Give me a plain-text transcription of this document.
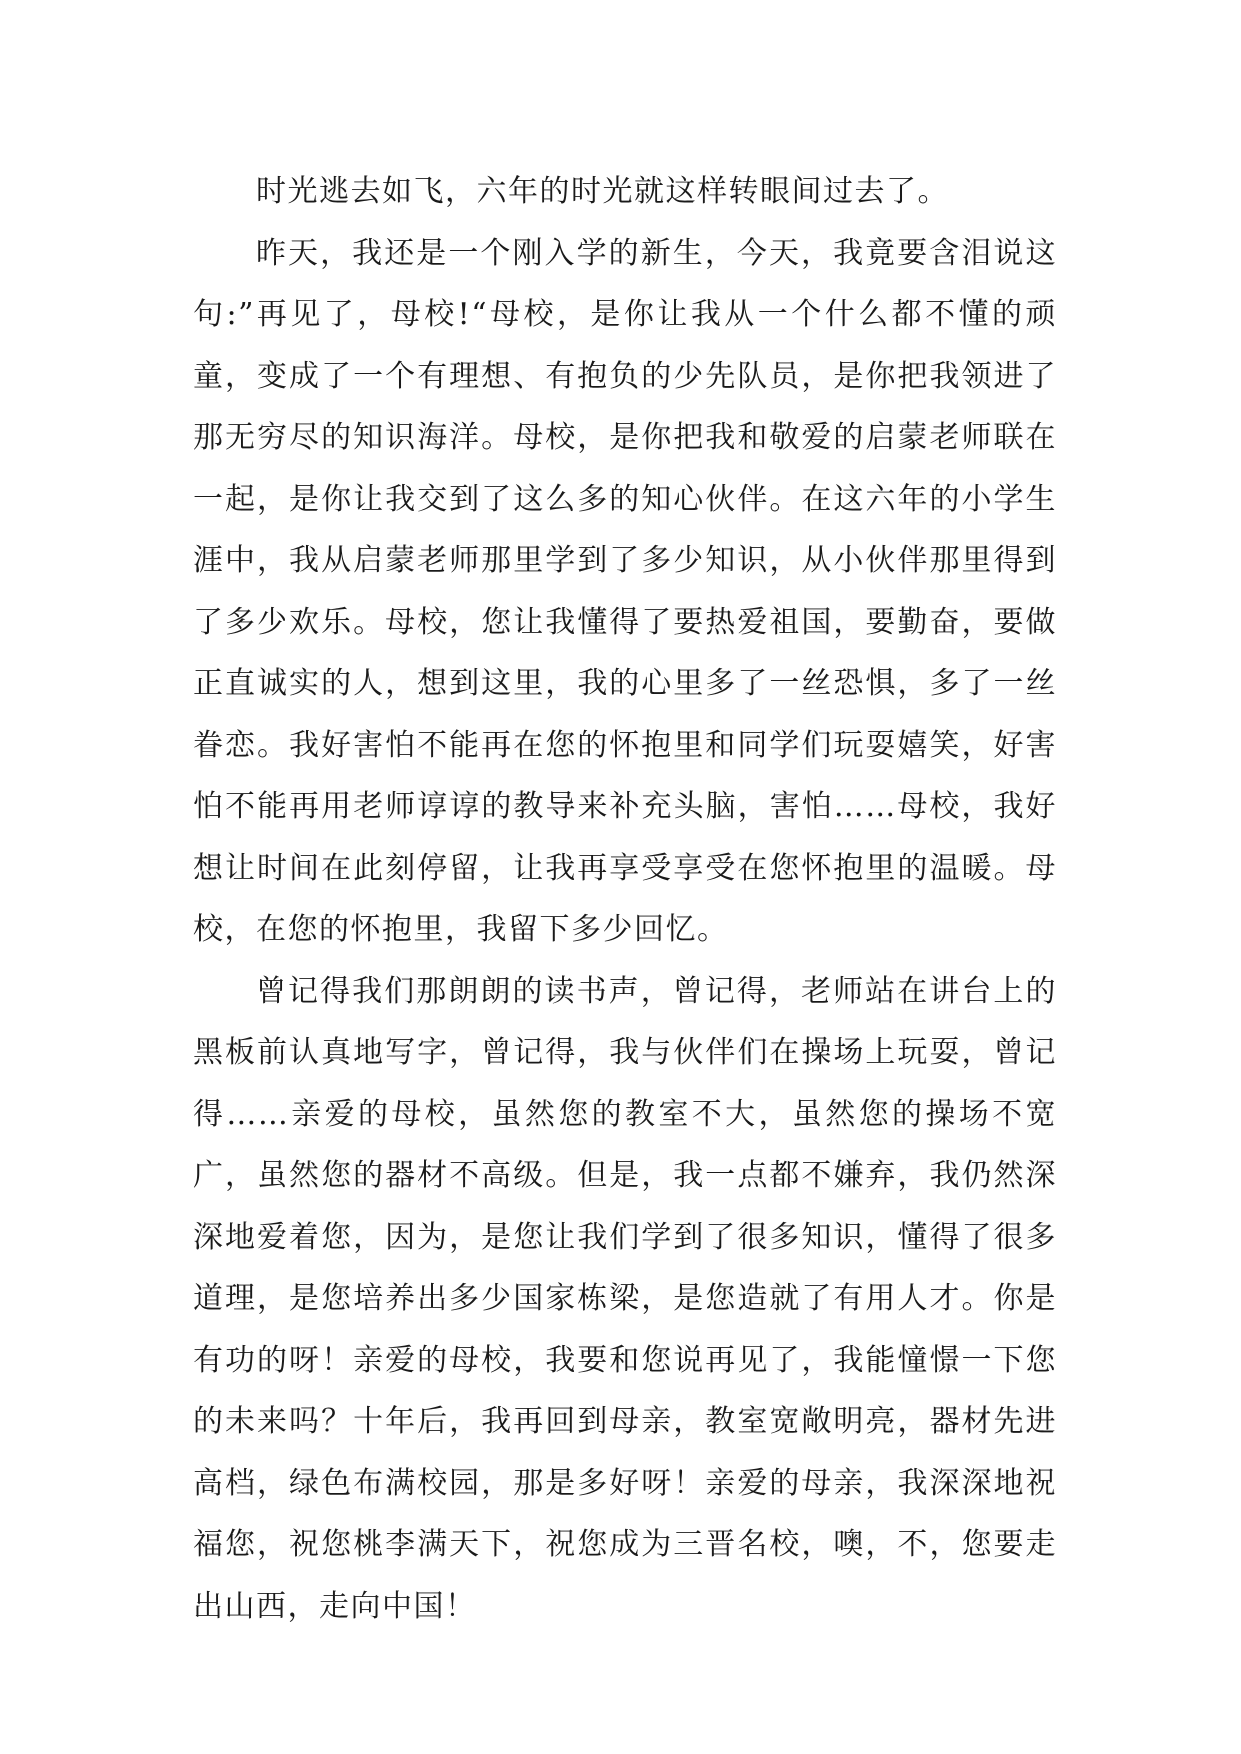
时光逃去如飞，六年的时光就这样转眼间过去了。

昨天，我还是一个刚入学的新生，今天，我竟要含泪说这句:”再见了，母校!“母校，是你让我从一个什么都不懂的顽童，变成了一个有理想、有抱负的少先队员，是你把我领进了那无穷尽的知识海洋。母校，是你把我和敬爱的启蒙老师联在一起，是你让我交到了这么多的知心伙伴。在这六年的小学生涯中，我从启蒙老师那里学到了多少知识，从小伙伴那里得到了多少欢乐。母校，您让我懂得了要热爱祖国，要勤奋，要做正直诚实的人，想到这里，我的心里多了一丝恐惧，多了一丝眷恋。我好害怕不能再在您的怀抱里和同学们玩耍嬉笑，好害怕不能再用老师谆谆的教导来补充头脑，害怕……母校，我好想让时间在此刻停留，让我再享受享受在您怀抱里的温暖。母校，在您的怀抱里，我留下多少回忆。

曾记得我们那朗朗的读书声，曾记得，老师站在讲台上的黑板前认真地写字，曾记得，我与伙伴们在操场上玩耍，曾记得……亲爱的母校，虽然您的教室不大，虽然您的操场不宽广，虽然您的器材不高级。但是，我一点都不嫌弃，我仍然深深地爱着您，因为，是您让我们学到了很多知识，懂得了很多道理，是您培养出多少国家栋梁，是您造就了有用人才。你是有功的呀！亲爱的母校，我要和您说再见了，我能憧憬一下您的未来吗？十年后，我再回到母亲，教室宽敞明亮，器材先进高档，绿色布满校园，那是多好呀！亲爱的母亲，我深深地祝福您，祝您桃李满天下，祝您成为三晋名校，噢，不，您要走出山西，走向中国！
